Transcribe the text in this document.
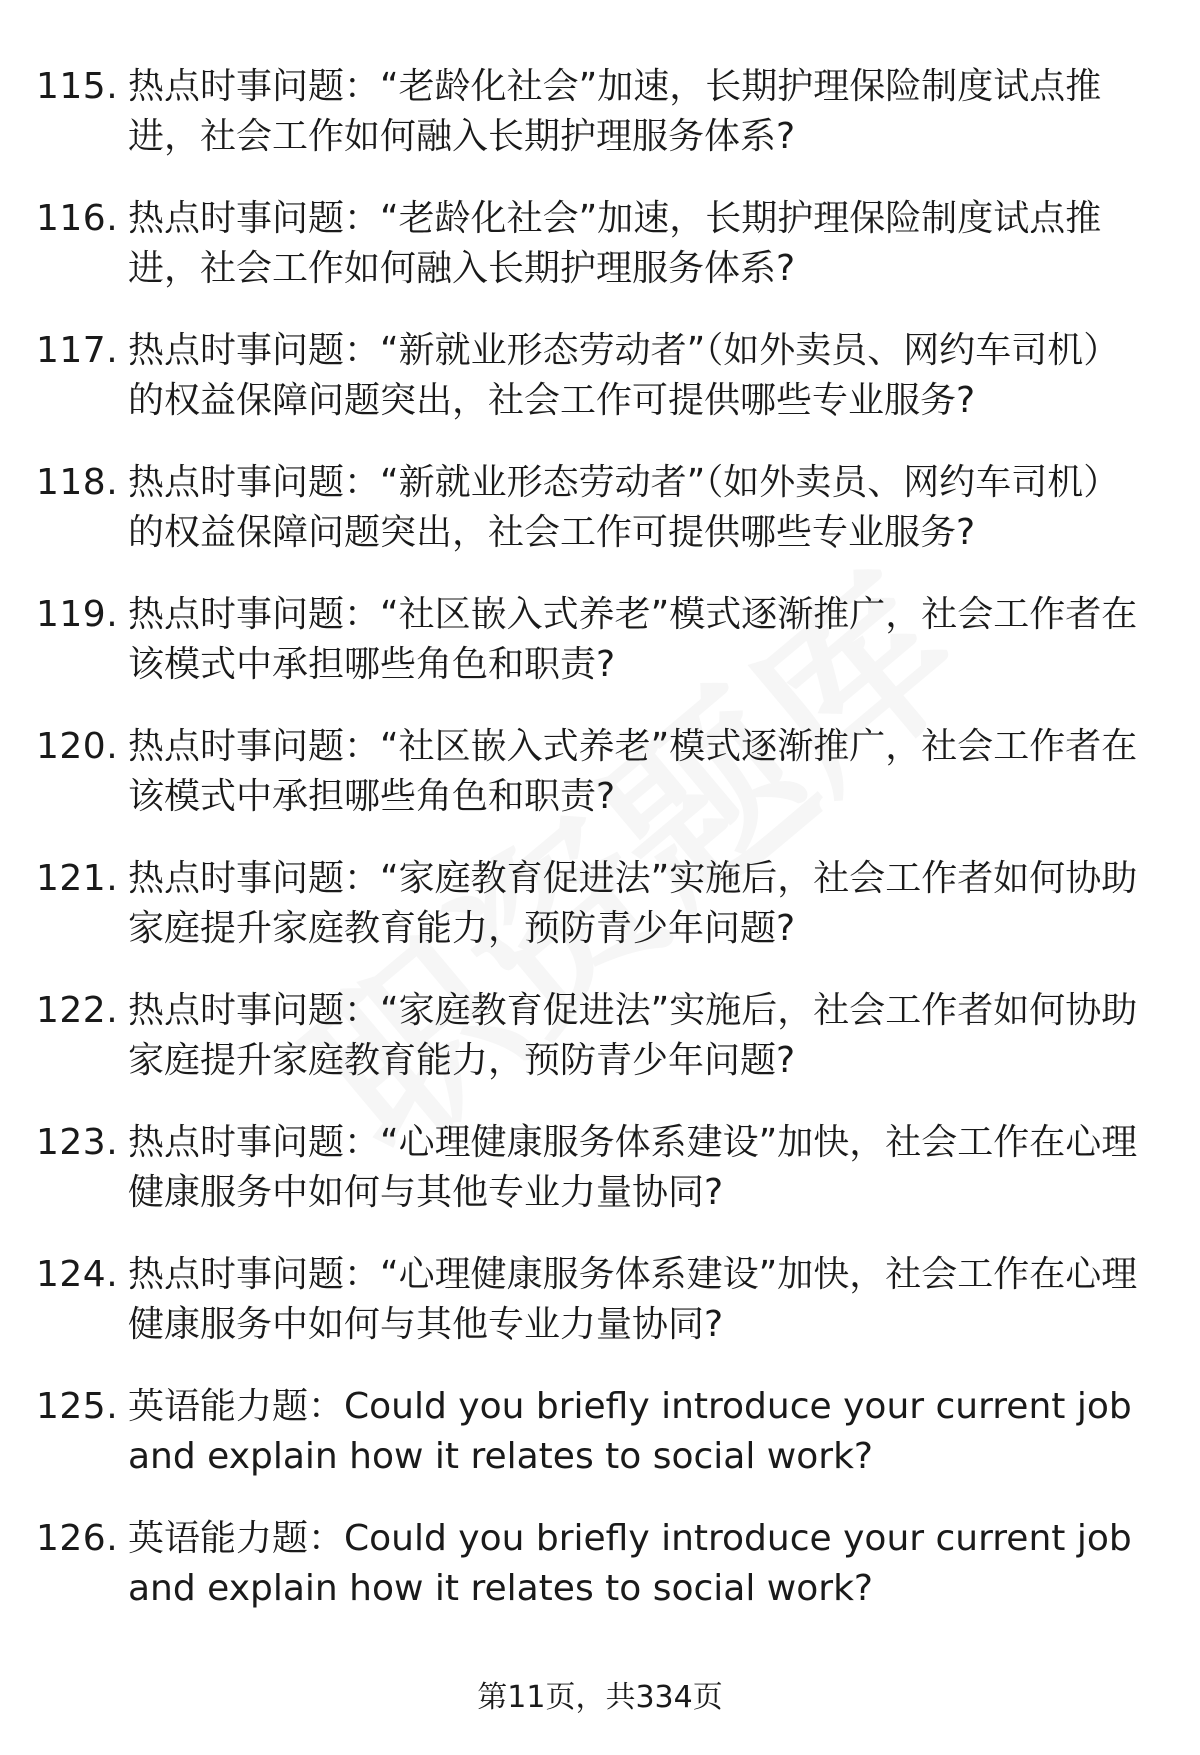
115. 热点时事问题：“老龄化社会”加速，长期护理保险制度试点推进，社会工作如何融入长期护理服务体系?
116. 热点时事问题：“老龄化社会”加速，长期护理保险制度试点推进，社会工作如何融入长期护理服务体系?
117. 热点时事问题：“新就业形态劳动者”（如外卖员、网约车司机）的权益保障问题突出，社会工作可提供哪些专业服务?
118. 热点时事问题：“新就业形态劳动者”（如外卖员、网约车司机）的权益保障问题突出，社会工作可提供哪些专业服务?
119. 热点时事问题：“社区嵌入式养老”模式逐渐推广，社会工作者在该模式中承担哪些角色和职责?
120. 热点时事问题：“社区嵌入式养老”模式逐渐推广，社会工作者在该模式中承担哪些角色和职责?
121. 热点时事问题：“家庭教育促进法”实施后，社会工作者如何协助家庭提升家庭教育能力，预防青少年问题?
122. 热点时事问题：“家庭教育促进法”实施后，社会工作者如何协助家庭提升家庭教育能力，预防青少年问题?
123. 热点时事问题：“心理健康服务体系建设”加快，社会工作在心理健康服务中如何与其他专业力量协同?
124. 热点时事问题：“心理健康服务体系建设”加快，社会工作在心理健康服务中如何与其他专业力量协同?
125. 英语能力题：Could you briefly introduce your current job and explain how it relates to social work?
126. 英语能力题：Could you briefly introduce your current job and explain how it relates to social work?
第11页，共334页
